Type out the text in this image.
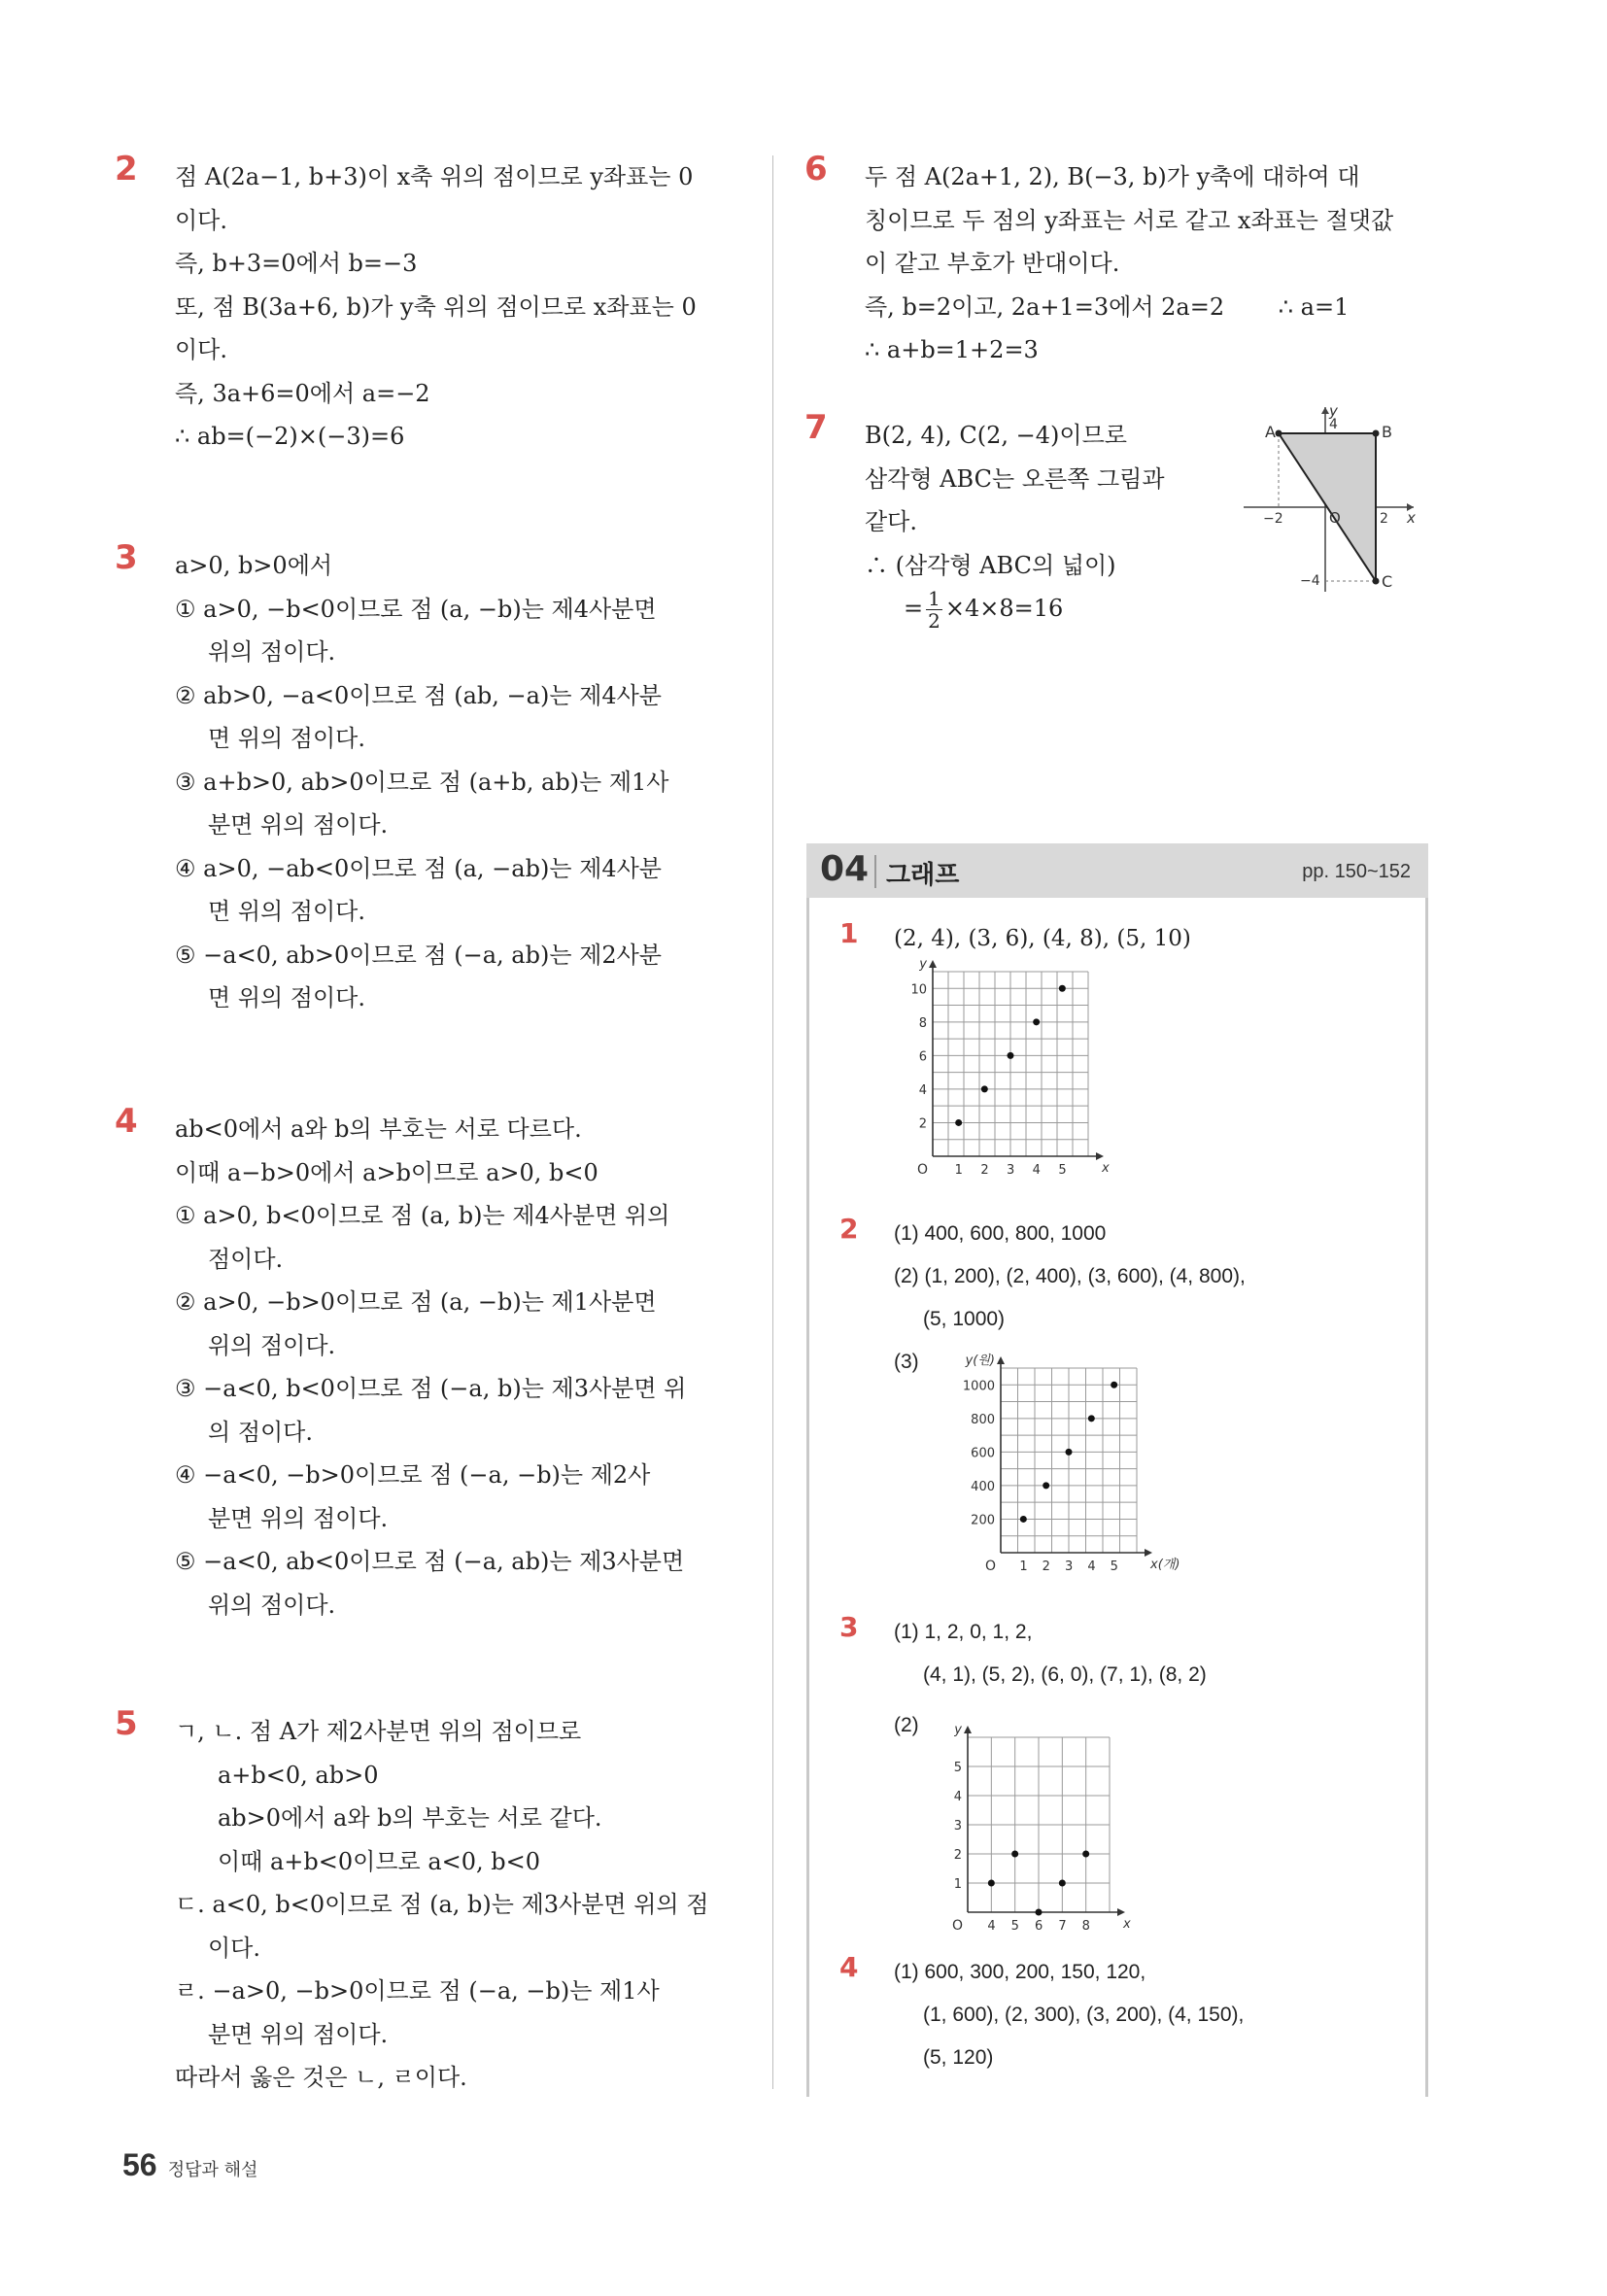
2 점 A(2a−1, b+3)이 x축 위의 점이므로 y좌표는 0
이다.
즉, b+3=0에서 b=−3
또, 점 B(3a+6, b)가 y축 위의 점이므로 x좌표는 0
이다.
즉, 3a+6=0에서 a=−2
∴ ab=(−2)×(−3)=6
3 a>0, b>0에서
① a>0, −b<0이므로 점 (a, −b)는 제4사분면
위의 점이다.
② ab>0, −a<0이므로 점 (ab, −a)는 제4사분
면 위의 점이다.
③ a+b>0, ab>0이므로 점 (a+b, ab)는 제1사
분면 위의 점이다.
④ a>0, −ab<0이므로 점 (a, −ab)는 제4사분
면 위의 점이다.
⑤ −a<0, ab>0이므로 점 (−a, ab)는 제2사분
면 위의 점이다.
4 ab<0에서 a와 b의 부호는 서로 다르다.
이때 a−b>0에서 a>b이므로 a>0, b<0
① a>0, b<0이므로 점 (a, b)는 제4사분면 위의
점이다.
② a>0, −b>0이므로 점 (a, −b)는 제1사분면
위의 점이다.
③ −a<0, b<0이므로 점 (−a, b)는 제3사분면 위
의 점이다.
④ −a<0, −b>0이므로 점 (−a, −b)는 제2사
분면 위의 점이다.
⑤ −a<0, ab<0이므로 점 (−a, ab)는 제3사분면
위의 점이다.
5 ㄱ, ㄴ. 점 A가 제2사분면 위의 점이므로
a+b<0, ab>0
ab>0에서 a와 b의 부호는 서로 같다.
이때 a+b<0이므로 a<0, b<0
ㄷ. a<0, b<0이므로 점 (a, b)는 제3사분면 위의 점
이다.
ㄹ. −a>0, −b>0이므로 점 (−a, −b)는 제1사
분면 위의 점이다.
따라서 옳은 것은 ㄴ, ㄹ이다.
6 두 점 A(2a+1, 2), B(−3, b)가 y축에 대하여 대
칭이므로 두 점의 y좌표는 서로 같고 x좌표는 절댓값
이 같고 부호가 반대이다.
즉, b=2이고, 2a+1=3에서 2a=2 ∴ a=1
∴ a+b=1+2=3
7 B(2, 4), C(2, −4)이므로
삼각형 ABC는 오른쪽 그림과
같다.
∴ (삼각형 ABC의 넓이)
= $\frac{1}{2} \times 4\times 8=16$
A	B
C
O	x
y
4
−4
−2	2
04 그래프	pp. 150~152
1 (2, 4), (3, 6), (4, 8), (5, 10)
1 2 3 4 5
2
4
6
8
10
O	x
y
2 (1) 400, 600, 800, 1000
(2) (1, 200), (2, 400), (3, 600), (4, 800),
(5, 1000)
(3)
1 2 3 4 5
200
400
600
800
1000
O	x(개)
y(원)
3 (1) 1, 2, 0, 1, 2,
(4, 1), (5, 2), (6, 0), (7, 1), (8, 2)
(2)
4 5 6 7 8
1
2
3
4
5
O	x
y
4 (1) 600, 300, 200, 150, 120,
(1, 600), (2, 300), (3, 200), (4, 150),
(5, 120)
56 정답과 해설
